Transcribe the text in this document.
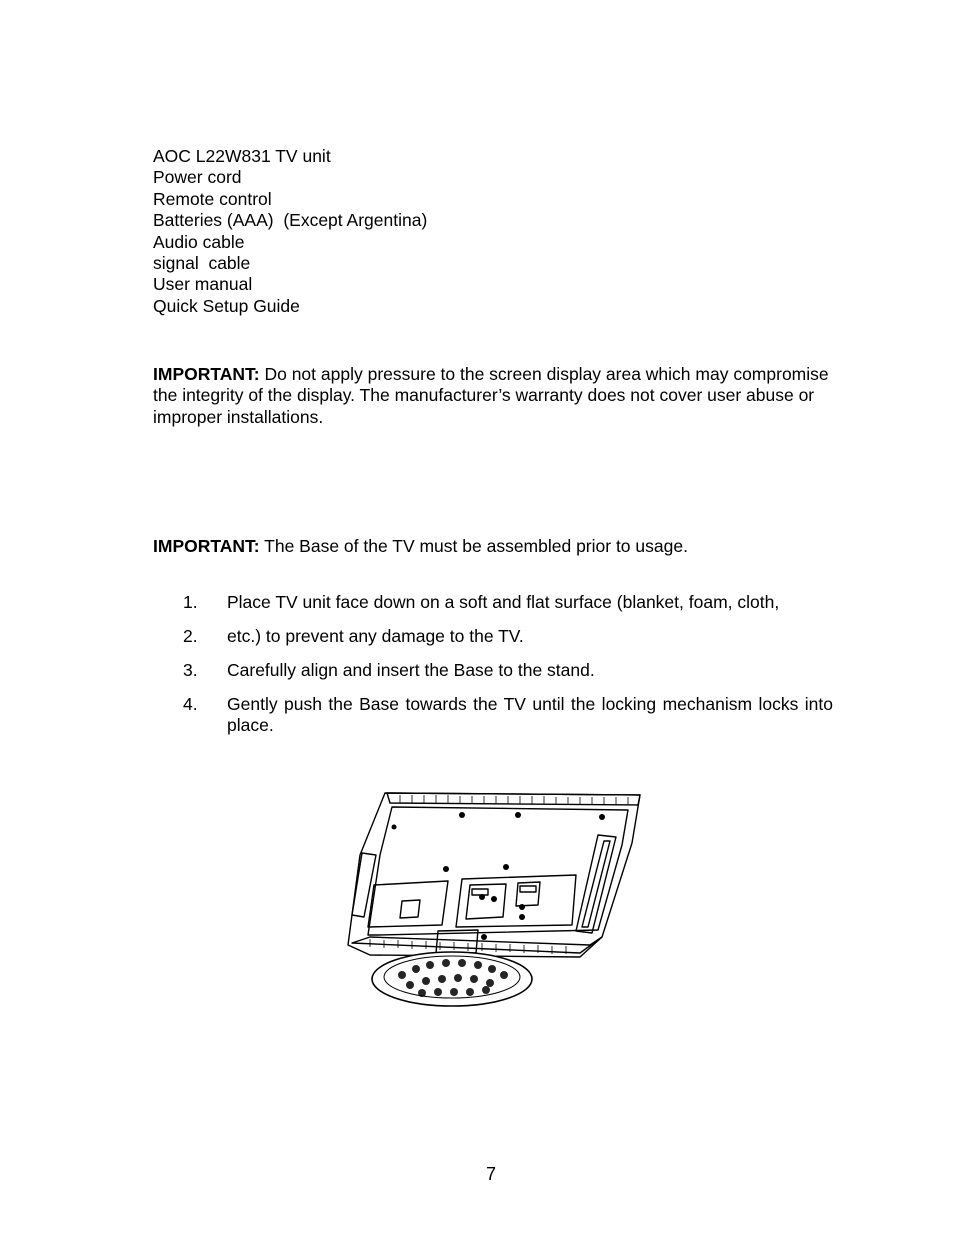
AOC L22W831 TV unit
Power cord
Remote control
Batteries (AAA)  (Except Argentina)
Audio cable
signal  cable
User manual
Quick Setup Guide
IMPORTANT: Do not apply pressure to the screen display area which may compromise the integrity of the display. The manufacturer’s warranty does not cover user abuse or improper installations.
IMPORTANT: The Base of the TV must be assembled prior to usage.
1.	Place TV unit face down on a soft and flat surface (blanket, foam, cloth,
2.	etc.) to prevent any damage to the TV.
3.	Carefully align and insert the Base to the stand.
4.	Gently push the Base towards the TV until the locking mechanism locks into place.
7
